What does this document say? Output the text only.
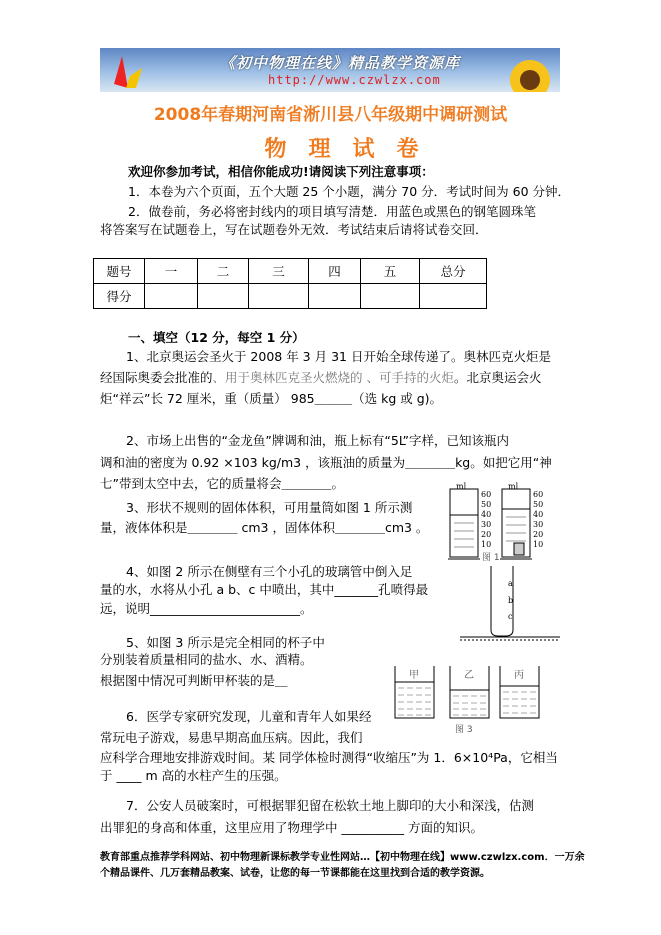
《初中物理在线》精品教学资源库
http://www.czwlzx.com
2008年春期河南省淅川县八年级期中调研测试
物理试卷
欢迎你参加考试，相信你能成功!请阅读下列注意事项：
1．本卷为六个页面，五个大题 25 个小题，满分 70 分．考试时间为 60 分钟．
2．做卷前，务必将密封线内的项目填写清楚．用蓝色或黑色的钢笔圆珠笔
将答案写在试题卷上，写在试题卷外无效．考试结束后请将试卷交回．
题号	一	二	三	四	五	总分
得分						
一、填空（12 分，每空 1 分）
1、北京奥运会圣火于 2008 年 3 月 31 日开始全球传递了。奥林匹克火炬是
经国际奥委会批准的、用于奥林匹克圣火燃烧的 、可手持的火炬。北京奥运会火
炬“祥云”长 72 厘米，重（质量） 985＿＿＿（选 kg 或 g)。
2、市场上出售的“金龙鱼”牌调和油，瓶上标有“5L”字样，已知该瓶内
调和油的密度为 0.92 ×103 kg/m3 ，该瓶油的质量为＿＿＿＿kg。如把它用“神
七”带到太空中去，它的质量将会＿＿＿＿。
3、形状不规则的固体体积，可用量筒如图 1 所示测
量，液体体积是＿＿＿＿ cm3 ，固体体积＿＿＿＿cm3 。
ml
60
50
40
30
20
10
ml
60
50
40
30
20
10
图 1
4、如图 2 所示在侧壁有三个小孔的玻璃管中倒入足
量的水，水将从小孔 a b、c 中喷出，其中_______孔喷得最
远，说明________________________。
a
b
c
5、如图 3 所示是完全相同的杯子中
分别装着质量相同的盐水、水、酒精。
根据图中情况可判断甲杯装的是＿	甲	乙	丙
图 3
6．医学专家研究发现，儿童和青年人如果经
常玩电子游戏，易患早期高血压病。因此，我们
应科学合理地安排游戏时间。某 同学体检时测得“收缩压”为 1．6×10⁴Pa，它相当
于 ____ m 高的水柱产生的压强。
7．公安人员破案时，可根据罪犯留在松软土地上脚印的大小和深浅，估测
出罪犯的身高和体重，这里应用了物理学中 __________ 方面的知识。
教育部重点推荐学科网站、初中物理新课标教学专业性网站…【初中物理在线】www.czwlzx.com．一万余
个精品课件、几万套精品教案、试卷，让您的每一节课都能在这里找到合适的教学资源。
